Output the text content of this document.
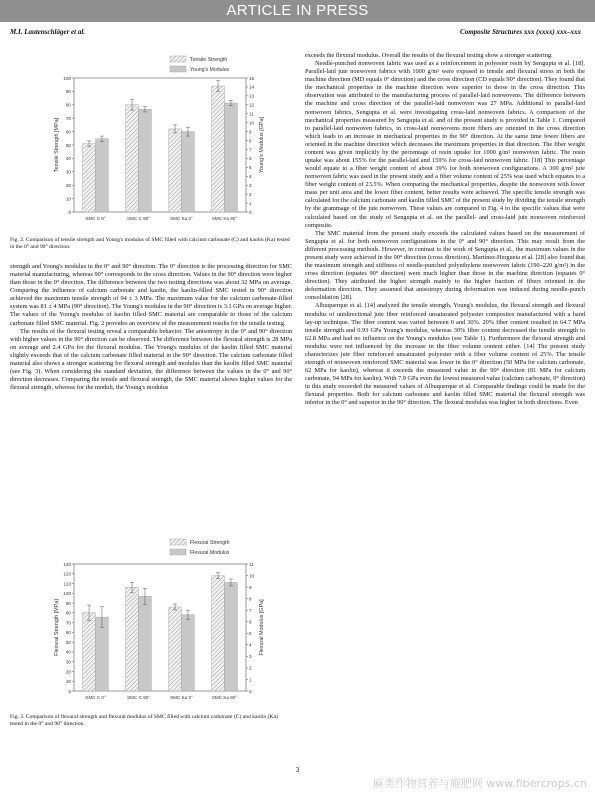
ARTICLE IN PRESS
M.I. Lautenschläger et al.	Composite Structures xxx (xxxx) xxx–xxx
0
10
20
30
40
50
60
70
80
90
100
0
1
2
3
4
5
6
7
8
9
10
11
12
13
14
15
Tensile Strength [MPa]	Young's Modulus [GPa]
SMC C 0°	SMC C 90°	SMC Ka 0°	SMC Ka 90°
Tensile Strength
Young's Modulus
Fig. 2. Comparison of tensile strength and Young's modulus of SMC filled with calcium carbonate (C) and kaolin (Ka) tested in the 0° and 90° direction.

strength and Young's modulus in the 0° and 90° direction. The 0° direction is the processing direction for SMC material manufacturing, whereas 90° corresponds to the cross direction. Values in the 90° direction were higher than those in the 0° direction. The difference between the two testing directions was about 32 MPa on average. Comparing the influence of calcium carbonate and kaolin, the kaolin-filled SMC tested in 90° direction achieved the maximum tensile strength of 94 ± 3 MPa. The maximum value for the calcium carbonate-filled system was 81 ± 4 MPa (90° direction). The Young's modulus in the 90° direction is 3.1 GPa on average higher. The values of the Young's modulus of kaolin filled SMC material are comparable to those of the calcium carbonate filled SMC material. Fig. 2 provides an overview of the measurement results for the tensile testing.

The results of the flexural testing reveal a comparable behavior. The anisotropy in the 0° and 90° direction with higher values in the 90° direction can be observed. The difference between the flexural strength is 28 MPa on average and 2.4 GPa for the flexural modulus. The Young's modulus of the kaolin filled SMC material slightly exceeds that of the calcium carbonate filled material in the 90° direction. The calcium carbonate filled material also shows a stronger scattering for flexural strength and modulus than the kaolin filled SMC material (see Fig. 3). When considering the standard deviation, the difference between the values in the 0° and 90° direction decreases. Comparing the tensile and flexural strength, the SMC material shows higher values for the flexural strength, whereas for the moduli, the Young's modulus

0
10
20
30
40
50
60
70
80
90
100
110
120
130
0
1
2
3
4
5
6
7
8
9
10
11
Flexural Strength [MPa]	Flexural Modulus [GPa]
SMC C 0°	SMC C 90°	SMC Ka 0°	SMC Ka 90°
Flexural Strength
Flexural Modulus
Fig. 3. Comparison of flexural strength and flexural modulus of SMC filled with calcium carbonate (C) and kaolin (Ka) tested in the 0° and 90° direction.

exceeds the flexural modulus. Overall the results of the flexural testing show a stronger scattering.

Needle-punched nonwoven fabric was used as a reinforcement in polyester resin by Sengupta et al. [18]. Parallel-laid jute nonwoven fabrics with 1000 g/m² were exposed to tensile and flexural stress in both the machine direction (MD equals 0° direction) and the cross direction (CD equals 90° direction). They found that the mechanical properties in the machine direction were superior to those in the cross direction. This observation was attributed to the manufacturing process of parallel-laid nonwovens. The difference between the machine and cross direction of the parallel-laid nonwoven was 27 MPa. Additional to parallel-laid nonwoven fabrics, Sengupta et al. were investigating cross-laid nonwoven fabrics. A comparison of the mechanical properties measured by Sengupta et al. and of the present study is provided in Table 1. Compared to parallel-laid nonwoven fabrics, in cross-laid nonwovens more fibers are oriented in the cross direction which leads to an increase in mechanical properties in the 90° direction. At the same time fewer fibers are oriented in the machine direction which decreases the maximum properties in that direction. The fiber weight content was given implicitly by the percentage of resin uptake for 1000 g/m² nonwoven fabric. The resin uptake was about 155% for the parallel-laid and 159% for cross-laid nonwoven fabric. [18] This percentage would equate to a fiber weight content of about 39% for both nonwoven configurations. A 300 g/m² jute nonwoven fabric was used in the present study and a fiber volume content of 25% was used which equates to a fiber weight content of 23.5%. When comparing the mechanical properties, despite the nonwoven with lower mass per unit area and the lower fiber content, better results were achieved. The specific tensile strength was calculated for the calcium carbonate and kaolin filled SMC of the present study by dividing the tensile strength by the grammage of the jute nonwoven. These values are compared in Fig. 4 to the specific values that were calculated based on the study of Sengupta et al. on the parallel- and cross-laid jute nonwoven reinforced composite.

The SMC material from the present study exceeds the calculated values based on the measurement of Sengupta et al. for both nonwoven configurations in the 0° and 90° direction. This may result from the different processing methods. However, in contrast to the work of Sengupta et al., the maximum values in the present study were achieved in the 90° direction (cross direction). Martínez-Hergueta et al. [28] also found that the maximum strength and stiffness of needle-punched polyethylene nonwoven fabric (190–220 g/m²) in the cross direction (equates 90° direction) were much higher than those in the machine direction (equates 0° direction). They attributed the higher strength mainly to the higher fraction of fibers oriented in the deformation direction. They assumed that anisotropy during deformation was induced during needle-punch consolidation [28].

Albuquerque et al. [14] analyzed the tensile strength, Young's modulus, the flexural strength and flexural modulus of unidirectional jute fiber reinforced unsaturated polyester composites manufactured with a hand lay-up technique. The fiber content was varied between 0 and 30%. 20% fiber content resulted in 64.7 MPa tensile strength and 0.93 GPa Young's modulus, whereas 30% fiber content decreased the tensile strength to 62.8 MPa and had no influence on the Young's modulus (see Table 1). Furthermore the flexural strength and modulus were not influenced by the increase in the fiber volume content either. [14] The present study characterizes jute fiber reinforced unsaturated polyester with a fiber volume content of 25%. The tensile strength of nonwoven reinforced SMC material was lower in the 0° direction (50 MPa for calcium carbonate, 62 MPa for kaolin), whereas it exceeds the measured value in the 90° direction (81 MPa for calcium carbonate, 94 MPa for kaolin). With 7.9 GPa even the lowest measured value (calcium carbonate, 0° direction) in this study exceeded the measured values of Albuquerque et al. Comparable findings could be made for the flexural properties. Both for calcium carbonate and kaolin filled SMC material the flexural strength was inferior in the 0° and superior in the 90° direction. The flexural modulus was higher in both directions. Even

3
麻类作物营养与施肥网 www.fibercrops.cn
